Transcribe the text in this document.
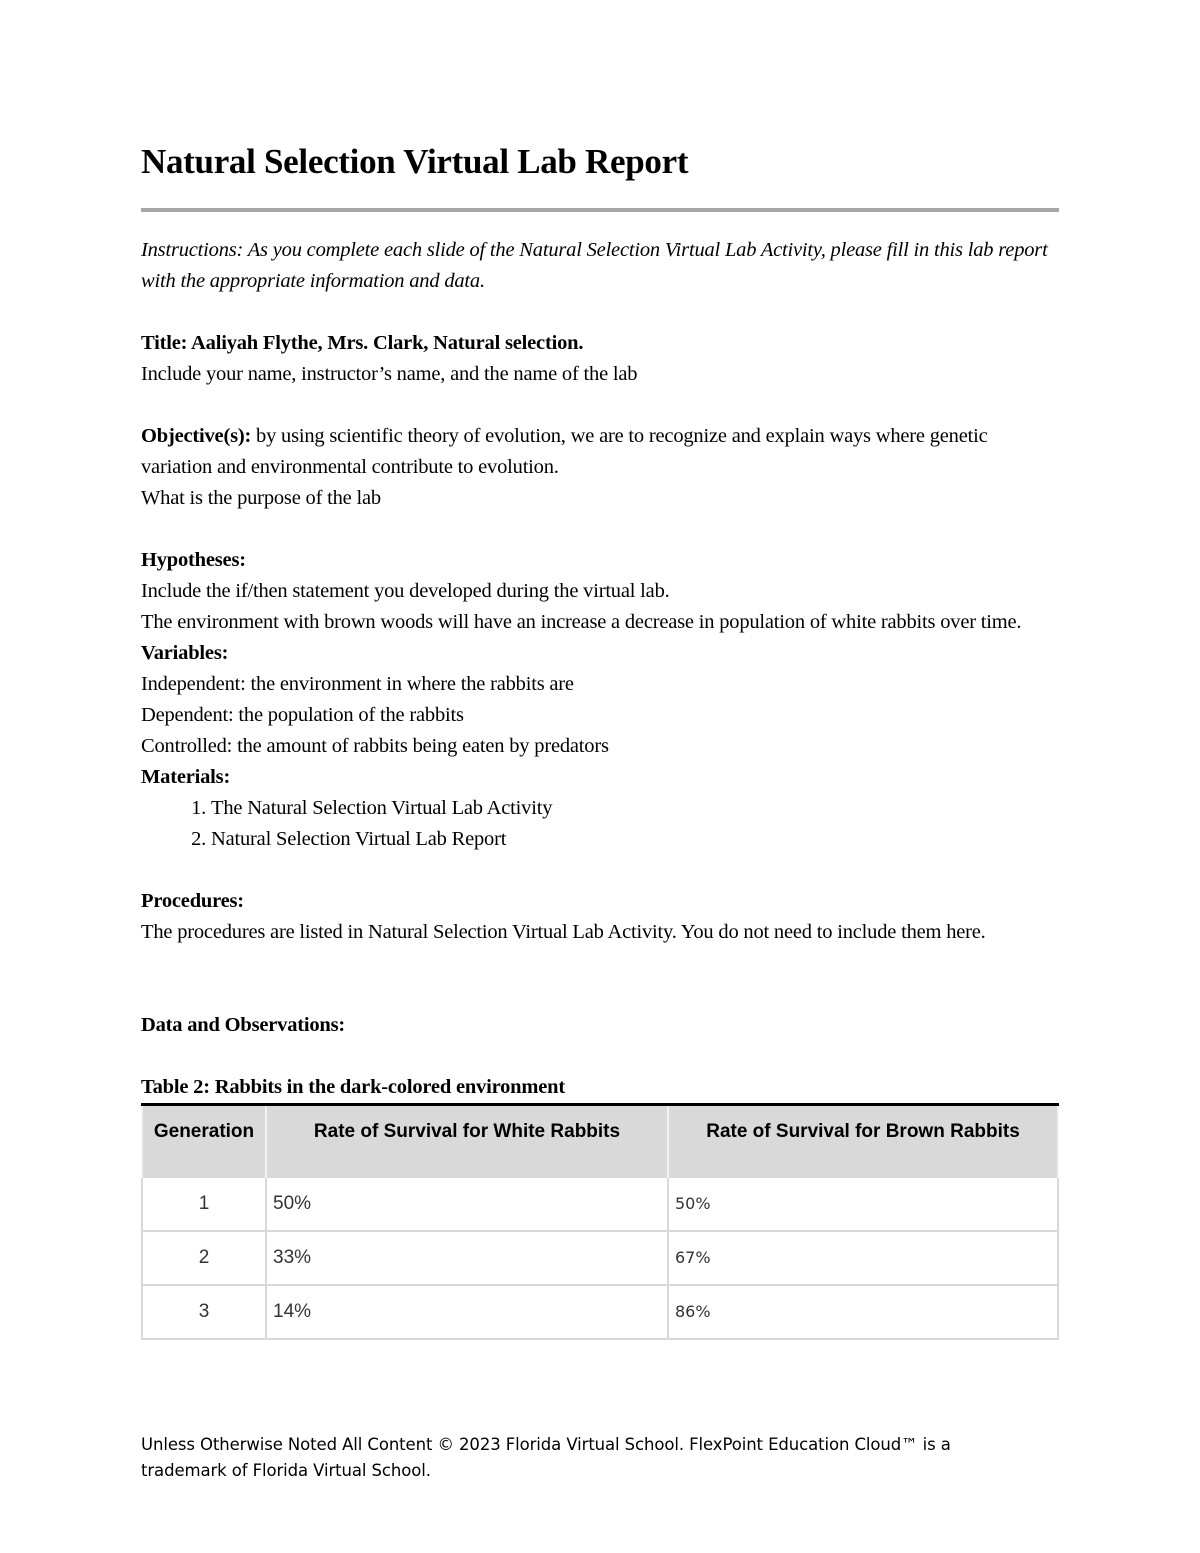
Natural Selection Virtual Lab Report

Instructions: As you complete each slide of the Natural Selection Virtual Lab Activity, please fill in this lab report with the appropriate information and data.

Title: Aaliyah Flythe, Mrs. Clark, Natural selection.

Include your name, instructor’s name, and the name of the lab

Objective(s): by using scientific theory of evolution, we are to recognize and explain ways where genetic variation and environmental contribute to evolution.

What is the purpose of the lab

Hypotheses:

Include the if/then statement you developed during the virtual lab.

The environment with brown woods will have an increase a decrease in population of white rabbits over time.

Variables:

Independent: the environment in where the rabbits are

Dependent: the population of the rabbits

Controlled: the amount of rabbits being eaten by predators

Materials:

1. The Natural Selection Virtual Lab Activity
2. Natural Selection Virtual Lab Report

Procedures:

The procedures are listed in Natural Selection Virtual Lab Activity. You do not need to include them here.

Data and Observations:

Table 2: Rabbits in the dark-colored environment

Generation	Rate of Survival for White Rabbits	Rate of Survival for Brown Rabbits
1	50%	50%
2	33%	67%
3	14%	86%
Unless Otherwise Noted All Content © 2023 Florida Virtual School. FlexPoint Education Cloud™ is a trademark of Florida Virtual School.
